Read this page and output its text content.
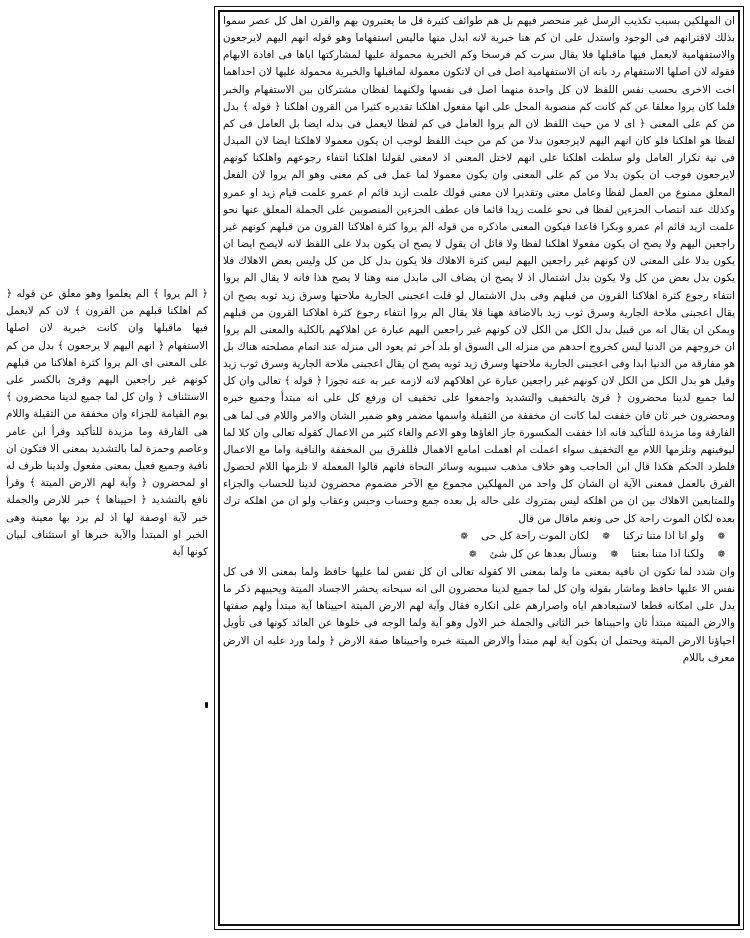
﴿ الم يروا ﴾ الم يعلموا وهو معلق عن قوله ﴿ كم اهلكنا قبلهم من القرون ﴾ لان كم لايعمل فيها ماقبلها وان كانت خبرية لان اصلها الاستفهام ﴿ انهم اليهم لا يرجعون ﴾ بدل من كم على المعنى اى الم يروا كثرة اهلاكنا من قبلهم كونهم غير راجعين اليهم وقرئ بالكسر على الاستئناف ﴿ وان كل لما جميع لدينا محضرون ﴾ يوم القيامة للجزاء وان مخففة من الثقيلة واللام هى الفارقة وما مزيدة للتأكيد وقرأ ابن عامر وعاصم وحمزة لما بالتشديد بمعنى الا فتكون ان نافية وجميع فعيل بمعنى مفعول ولدينا ظرف له او لمحضرون ﴿ وآية لهم الارض الميتة ﴾ وقرأ نافع بالتشديد ﴿ احييناها ﴾ خبر للارض والجملة خبر لآية اوصفة لها اذ لم يرد بها معينة وهى الخبر او المبتدأ والآية خبرها او استئناف لبيان كونها آية

ان المهلكين بسبب تكذيب الرسل غير منحصر فيهم بل هم طوائف كثيرة قل ما يعتبرون بهم والقرن اهل كل عصر سموا بذلك لاقترانهم فى الوجود واستدل على ان كم هنا خبرية لانه ابدل منها ماليس استفهاما وهو قوله انهم اليهم لايرجعون والاستفهامية لايعمل فيها ماقبلها فلا يقال سرت كم فرسخا وكم الخبرية محمولة عليها لمشاركتها اياها فى افادة الابهام فقوله لان اصلها الاستفهام رد بانه ان الاستفهامية اصل فى ان لاتكون معمولة لماقبلها والخبرية محمولة عليها لان احداهما اخت الاخرى بحسب نفس اللفظ لان كل واحدة منهما اصل فى نفسها ولكنهما لفظان مشتركان بين الاستفهام والخبر فلما كان يروا معلقا عن كم كانت كم منصوبة المحل على انها مفعول اهلكنا تقديره كثيرا من القرون اهلكنا ﴿ قوله ﴾ بدل من كم على المعنى ﴿ اى لا من حيث اللفظ لان الم يروا العامل فى كم لفظا لايعمل فى بدله ايضا بل العامل فى كم لفظا هو اهلكنا فلو كان انهم اليهم لايرجعون بدلا من كم من حيث اللفظ لوجب ان يكون معمولا لاهلكنا ايضا لان المبدل فى نية تكرار العامل ولو سلطت اهلكنا على انهم لاختل المعنى اذ لامعنى لقولنا اهلكنا انتفاء رجوعهم واهلكنا كونهم لايرجعون فوجب ان يكون بدلا من كم على المعنى وان يكون معمولا لما عمل فى كم معنى وهو الم يروا لان الفعل المعلق ممنوع من العمل لفظا وعامل معنى وتقديرا لان معنى قولك علمت ازيد قائم ام عمرو علمت قيام زيد او عمرو وكذلك عند انتصاب الجزءين لفظا فى نحو علمت زيدا قائما فان عطف الجزءين المنصوبين على الجملة المعلق عنها نحو علمت ازيد قائم ام عمرو وبكرا قاعدا فيكون المعنى ماذكره من قوله الم يروا كثرة اهلاكنا القرون من قبلهم كونهم غير راجعين اليهم ولا يصح ان يكون مفعولا اهلكنا لفظا ولا قائل ان يقول لا يصح ان يكون بدلا على اللفظ لانه لايصح ايضا ان يكون بدلا على المعنى لان كونهم غير راجعين اليهم ليس كثرة الاهلاك فلا يكون بدل كل من كل وليس بعض الاهلاك فلا يكون بدل بعض من كل ولا يكون بدل اشتمال اذ لا يصح ان يضاف الى مابدل منه وهنا لا يصح هذا فانه لا يقال الم يروا انتفاء رجوع كثرة اهلاكنا القرون من قبلهم وفى بدل الاشتمال لو قلت اعجبنى الجارية ملاحتها وسرق زيد ثوبه يصح ان يقال اعجبنى ملاحة الجارية وسرق ثوب زيد بالاضافة ههنا فلا يقال الم يروا انتفاء رجوع كثرة اهلاكنا القرون من قبلهم ويمكن ان يقال انه من قبيل بدل الكل من الكل لان كونهم غير راجعين اليهم عبارة عن اهلاكهم بالكلية والمعنى الم يروا ان خروجهم من الدنيا ليس كخروج احدهم من منزله الى السوق او بلد آخر ثم يعود الى منزله عند اتمام مصلحته هناك بل هو مفارقة من الدنيا ابدا وفى اعجبنى الجارية ملاحتها وسرق زيد ثوبه يصح ان يقال اعجبنى ملاحة الجارية وسرق ثوب زيد وقيل هو بدل الكل من الكل لان كونهم غير راجعين عبارة عن اهلاكهم لانه لازمه عبر به عنه تجوزا ﴿ قوله ﴾ تعالى وان كل لما جميع لدينا محضرون ﴿ قرئ بالتخفيف والتشديد واجمعوا على تخفيف ان ورفع كل على انه مبتدأ وجميع خبره ومحضرون خبر ثان فان خففت لما كانت ان مخففة من الثقيلة واسمها مضمر وهو ضمير الشان والامر واللام فى لما هى الفارقة وما مزيدة للتأكيد فانه اذا خففت المكسورة جاز الغاؤها وهو الاعم والغاء كثير من الاعمال كقوله تعالى وان كلا لما ليوفينهم وتلزمها اللام مع التخفيف سواء اعملت ام اهملت امامع الاهمال فللفرق بين المخففة والنافية واما مع الاعمال فلطرد الحكم هكذا قال ابن الحاجب وهو خلاف مذهب سيبويه وسائر النحاة فانهم قالوا المعملة لا تلزمها اللام لحصول الفرق بالعمل فمعنى الآية ان الشان كل واحد من المهلكين مجموع مع الآخر مضموم محضرون لدينا للحساب والجزاء وللمتابعين الاهلاك بين ان من اهلكه ليس بمتروك على حاله بل بعده جمع وحساب وحبس وعقاب ولو ان من اهلكه ترك بعده لكان الموت راحة كل حى ونعم ماقال من قال

❁ ولو انا اذا متنا تركنا ❁ لكان الموت راحة كل حى ❁
❁ ولكنا اذا متنا بعثنا ❁ ونسأل بعدها عن كل شئ ❁

وان شدد لما تكون ان نافية بمعنى ما ولما بمعنى الا كقوله تعالى ان كل نفس لما عليها حافظ ولما بمعنى الا فى كل نفس الا عليها حافظ وماشار بقوله وان كل لما جميع لدينا محضرون الى انه سبحانه يحشر الاجساد الميتة ويحييهم ذكر ما يدل على امكانه قطعا لاستبعادهم اياه واصرارهم على انكاره فقال وآية لهم الارض الميتة احييناها آية مبتدأ ولهم صفتها والارض الميتة مبتدأ ثان واحييناها خبر الثانى والجملة خبر الاول وهو آية ولما الوجه فى خلوها عن العائد كونها فى تأويل احياؤنا الارض الميتة ويحتمل ان يكون آية لهم مبتدأ والارض الميتة خبره واحييناها صفة الارض ﴿ ولما ورد عليه ان الارض معرف باللام
